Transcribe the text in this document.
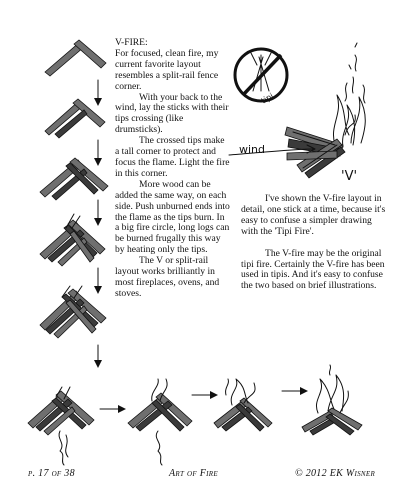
V-FIRE:
For focused, clean fire, my current favorite layout resembles a split-rail fence corner.
With your back to the wind, lay the sticks with their tips crossing (like drumsticks).
The crossed tips make a tall corner to protect and focus the flame. Light the fire in this corner.
More wood can be added the same way, on each side. Push unburned ends into the flame as the tips burn. In a big fire circle, long logs can be burned frugally this way by heating only the tips.
The V or split-rail layout works brilliantly in most fireplaces, ovens, and stoves.
tipi
wind
'V'
I've shown the V-fire layout in detail, one stick at a time, because it's easy to confuse a simpler drawing with the 'Tipi Fire'.
The V-fire may be the original tipi fire. Certainly the V-fire has been used in tipis. And it's easy to confuse the two based on brief illustrations.
p. 17 of 38	Art of Fire	© 2012 EK Wisner
